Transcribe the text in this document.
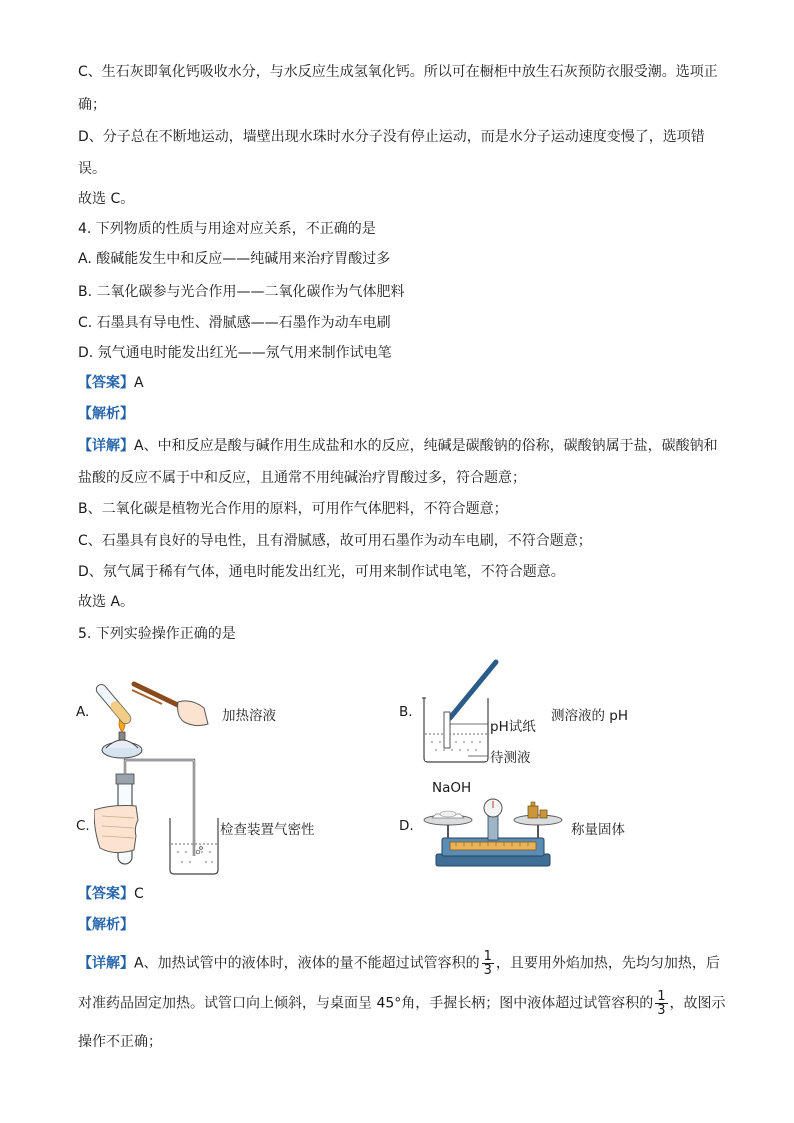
C、生石灰即氧化钙吸收水分，与水反应生成氢氧化钙。所以可在橱柜中放生石灰预防衣服受潮。选项正
确；
D、分子总在不断地运动，墙壁出现水珠时水分子没有停止运动，而是水分子运动速度变慢了，选项错
误。
故选 C。
4. 下列物质的性质与用途对应关系，不正确的是
A. 酸碱能发生中和反应——纯碱用来治疗胃酸过多
B. 二氧化碳参与光合作用——二氧化碳作为气体肥料
C. 石墨具有导电性、滑腻感——石墨作为动车电刷
D. 氖气通电时能发出红光——氖气用来制作试电笔
【答案】A
【解析】
【详解】A、中和反应是酸与碱作用生成盐和水的反应，纯碱是碳酸钠的俗称，碳酸钠属于盐，碳酸钠和
盐酸的反应不属于中和反应，且通常不用纯碱治疗胃酸过多，符合题意；
B、二氧化碳是植物光合作用的原料，可用作气体肥料，不符合题意；
C、石墨具有良好的导电性，且有滑腻感，故可用石墨作为动车电刷，不符合题意；
D、氖气属于稀有气体，通电时能发出红光，可用来制作试电笔，不符合题意。
故选 A。
5. 下列实验操作正确的是
A.	加热溶液	B.
pH试纸
待测液
测溶液的 pH
C.	检查装置气密性	D.
NaOH
称量固体
【答案】C
【解析】
【详解】A、加热试管中的液体时，液体的量不能超过试管容积的 $\frac{1}{3}$ ，且要用外焰加热，先均匀加热，后
对准药品固定加热。试管口向上倾斜，与桌面呈 45°角，手握长柄；图中液体超过试管容积的 $\frac{1}{3}$ ，故图示
操作不正确；
